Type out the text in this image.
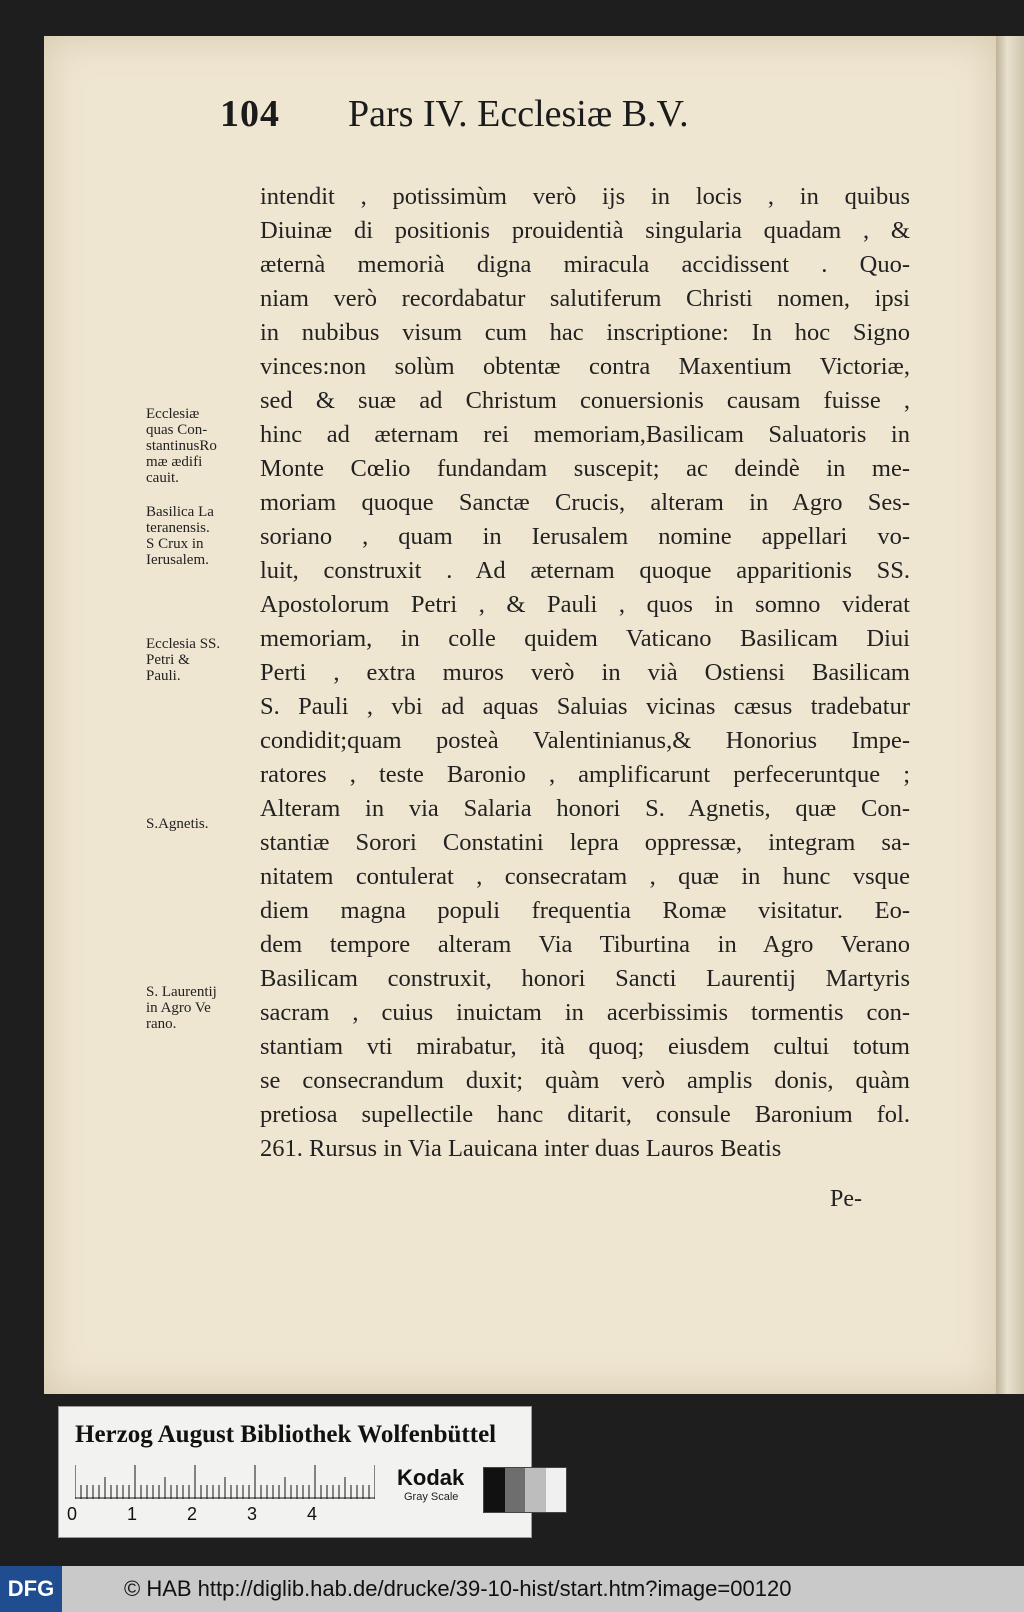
104 Pars IV. Ecclesiæ B.V.
intendit , potissimùm verò ijs in locis , in quibus
Diuinæ di positionis prouidentià singularia quadam , &
æternà memorià digna miracula accidissent . Quo-
niam verò recordabatur salutiferum Christi nomen, ipsi
in nubibus visum cum hac inscriptione: In hoc Signo
vinces:non solùm obtentæ contra Maxentium Victoriæ,
sed & suæ ad Christum conuersionis causam fuisse ,
hinc ad æternam rei memoriam,Basilicam Saluatoris in
Monte Cœlio fundandam suscepit; ac deindè in me-
moriam quoque Sanctæ Crucis, alteram in Agro Ses-
soriano , quam in Ierusalem nomine appellari vo-
luit, construxit . Ad æternam quoque apparitionis SS.
Apostolorum Petri , & Pauli , quos in somno viderat
memoriam, in colle quidem Vaticano Basilicam Diui
Perti , extra muros verò in vià Ostiensi Basilicam
S. Pauli , vbi ad aquas Saluias vicinas cæsus tradebatur
condidit;quam posteà Valentinianus,& Honorius Impe-
ratores , teste Baronio , amplificarunt perfeceruntque ;
Alteram in via Salaria honori S. Agnetis, quæ Con-
stantiæ Sorori Constatini lepra oppressæ, integram sa-
nitatem contulerat , consecratam , quæ in hunc vsque
diem magna populi frequentia Romæ visitatur. Eo-
dem tempore alteram Via Tiburtina in Agro Verano
Basilicam construxit, honori Sancti Laurentij Martyris
sacram , cuius inuictam in acerbissimis tormentis con-
stantiam vti mirabatur, ità quoq; eiusdem cultui totum
se consecrandum duxit; quàm verò amplis donis, quàm
pretiosa supellectile hanc ditarit, consule Baronium fol.
261. Rursus in Via Lauicana inter duas Lauros Beatis
Pe-
Ecclesiæ
quas Con-
stantinusRo
mæ ædifi
cauit.
Basilica La
teranensis.
S Crux in
Ierusalem.
Ecclesia SS.
Petri &
Pauli.
S.Agnetis.
S. Laurentij
in Agro Ve
rano.
Herzog August Bibliothek Wolfenbüttel
0	1	2	3	4
Kodak
Gray Scale
DFG	© HAB http://diglib.hab.de/drucke/39-10-hist/start.htm?image=00120
